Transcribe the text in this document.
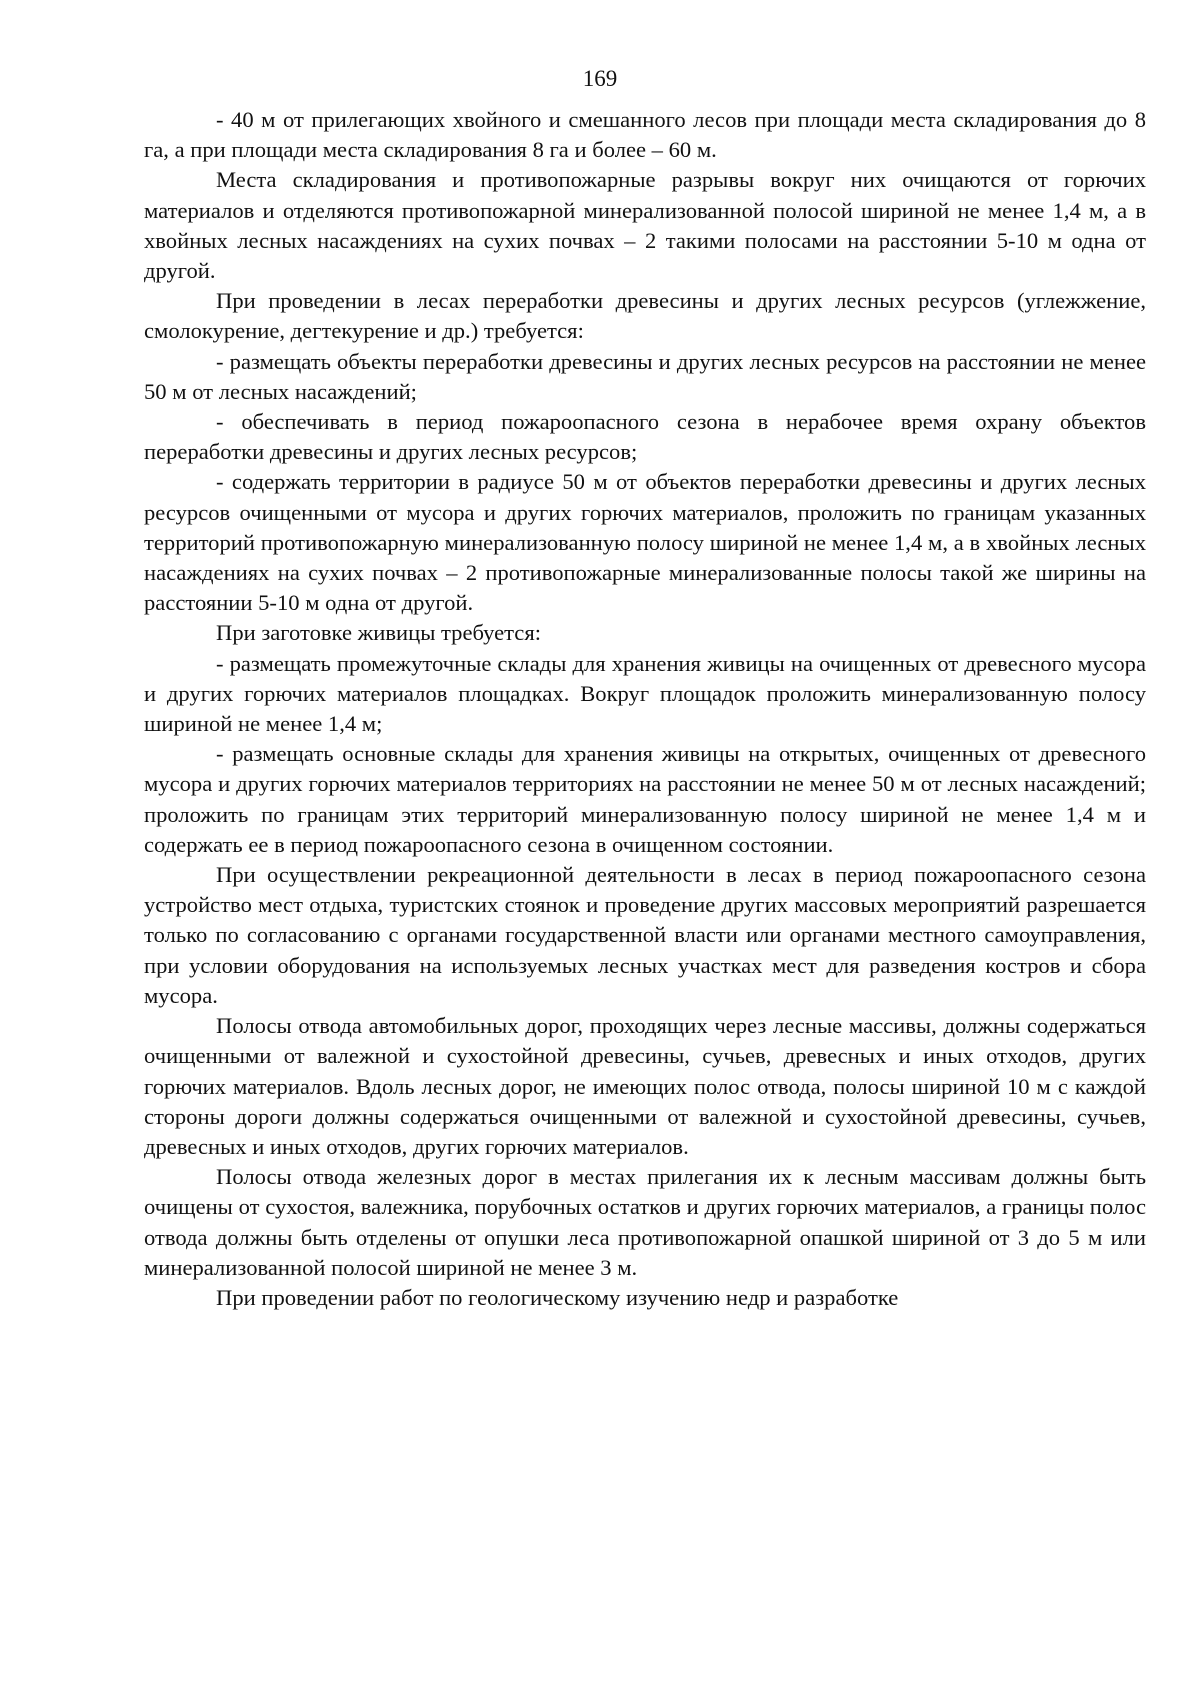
169

- 40 м от прилегающих хвойного и смешанного лесов при площади места складирования до 8 га, а при площади места складирования 8 га и более – 60 м.

Места складирования и противопожарные разрывы вокруг них очищаются от горючих материалов и отделяются противопожарной минерализованной полосой шириной не менее 1,4 м, а в хвойных лесных насаждениях на сухих почвах – 2 такими полосами на расстоянии 5-10 м одна от другой.

При проведении в лесах переработки древесины и других лесных ресурсов (углежжение, смолокурение, дегтекурение и др.) требуется:

- размещать объекты переработки древесины и других лесных ресурсов на расстоянии не менее 50 м от лесных насаждений;

- обеспечивать в период пожароопасного сезона в нерабочее время охрану объектов переработки древесины и других лесных ресурсов;

- содержать территории в радиусе 50 м от объектов переработки древесины и других лесных ресурсов очищенными от мусора и других горючих материалов, проложить по границам указанных территорий противопожарную минерализованную полосу шириной не менее 1,4 м, а в хвойных лесных насаждениях на сухих почвах – 2 противопожарные минерализованные полосы такой же ширины на расстоянии 5-10 м одна от другой.

При заготовке живицы требуется:

- размещать промежуточные склады для хранения живицы на очищенных от древесного мусора и других горючих материалов площадках. Вокруг площадок проложить минерализованную полосу шириной не менее 1,4 м;

- размещать основные склады для хранения живицы на открытых, очищенных от древесного мусора и других горючих материалов территориях на расстоянии не менее 50 м от лесных насаждений; проложить по границам этих территорий минерализованную полосу шириной не менее 1,4 м и содержать ее в период пожароопасного сезона в очищенном состоянии.

При осуществлении рекреационной деятельности в лесах в период пожароопасного сезона устройство мест отдыха, туристских стоянок и проведение других массовых мероприятий разрешается только по согласованию с органами государственной власти или органами местного самоуправления, при условии оборудования на используемых лесных участках мест для разведения костров и сбора мусора.

Полосы отвода автомобильных дорог, проходящих через лесные массивы, должны содержаться очищенными от валежной и сухостойной древесины, сучьев, древесных и иных отходов, других горючих материалов. Вдоль лесных дорог, не имеющих полос отвода, полосы шириной 10 м с каждой стороны дороги должны содержаться очищенными от валежной и сухостойной древесины, сучьев, древесных и иных отходов, других горючих материалов.

Полосы отвода железных дорог в местах прилегания их к лесным массивам должны быть очищены от сухостоя, валежника, порубочных остатков и других горючих материалов, а границы полос отвода должны быть отделены от опушки леса противопожарной опашкой шириной от 3 до 5 м или минерализованной полосой шириной не менее 3 м.

При проведении работ по геологическому изучению недр и разработке
